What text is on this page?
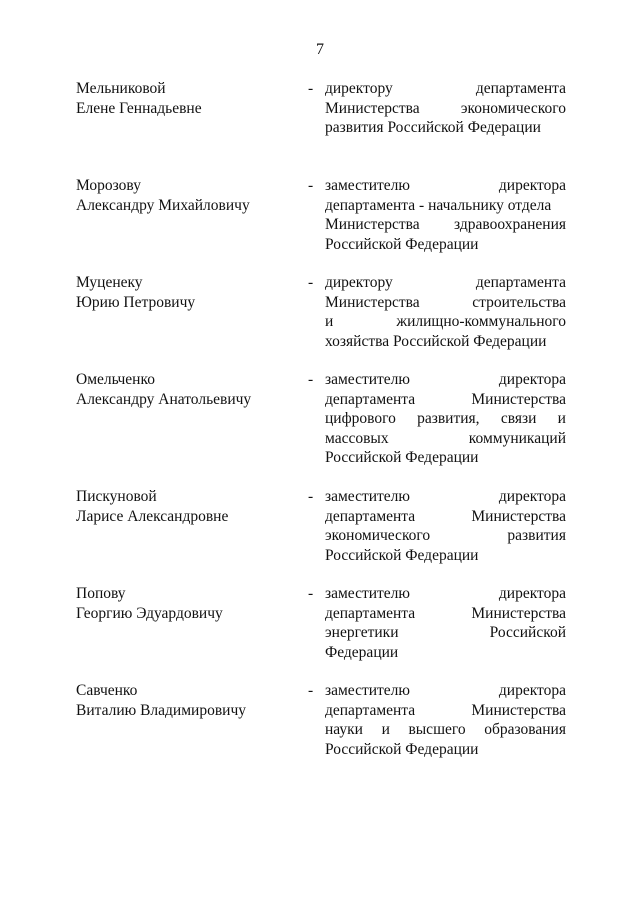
7
Мельниковой
Елене Геннадьевне
- директору	департамента
Министерства	экономического
развития Российской Федерации
Морозову
Александру Михайловичу
- заместителю	директора
департамента - начальнику отдела
Министерства здравоохранения
Российской Федерации
Муценеку
Юрию Петровичу
- директору	департамента
Министерства	строительства
и	жилищно-коммунального
хозяйства Российской Федерации
Омельченко
Александру Анатольевичу
- заместителю	директора
департамента	Министерства
цифрового развития, связи и
массовых	коммуникаций
Российской Федерации
Пискуновой
Ларисе Александровне
- заместителю	директора
департамента	Министерства
экономического	развития
Российской Федерации
Попову
Георгию Эдуардовичу
- заместителю	директора
департамента	Министерства
энергетики	Российской
Федерации
Савченко
Виталию Владимировичу
- заместителю	директора
департамента	Министерства
науки и высшего образования
Российской Федерации
